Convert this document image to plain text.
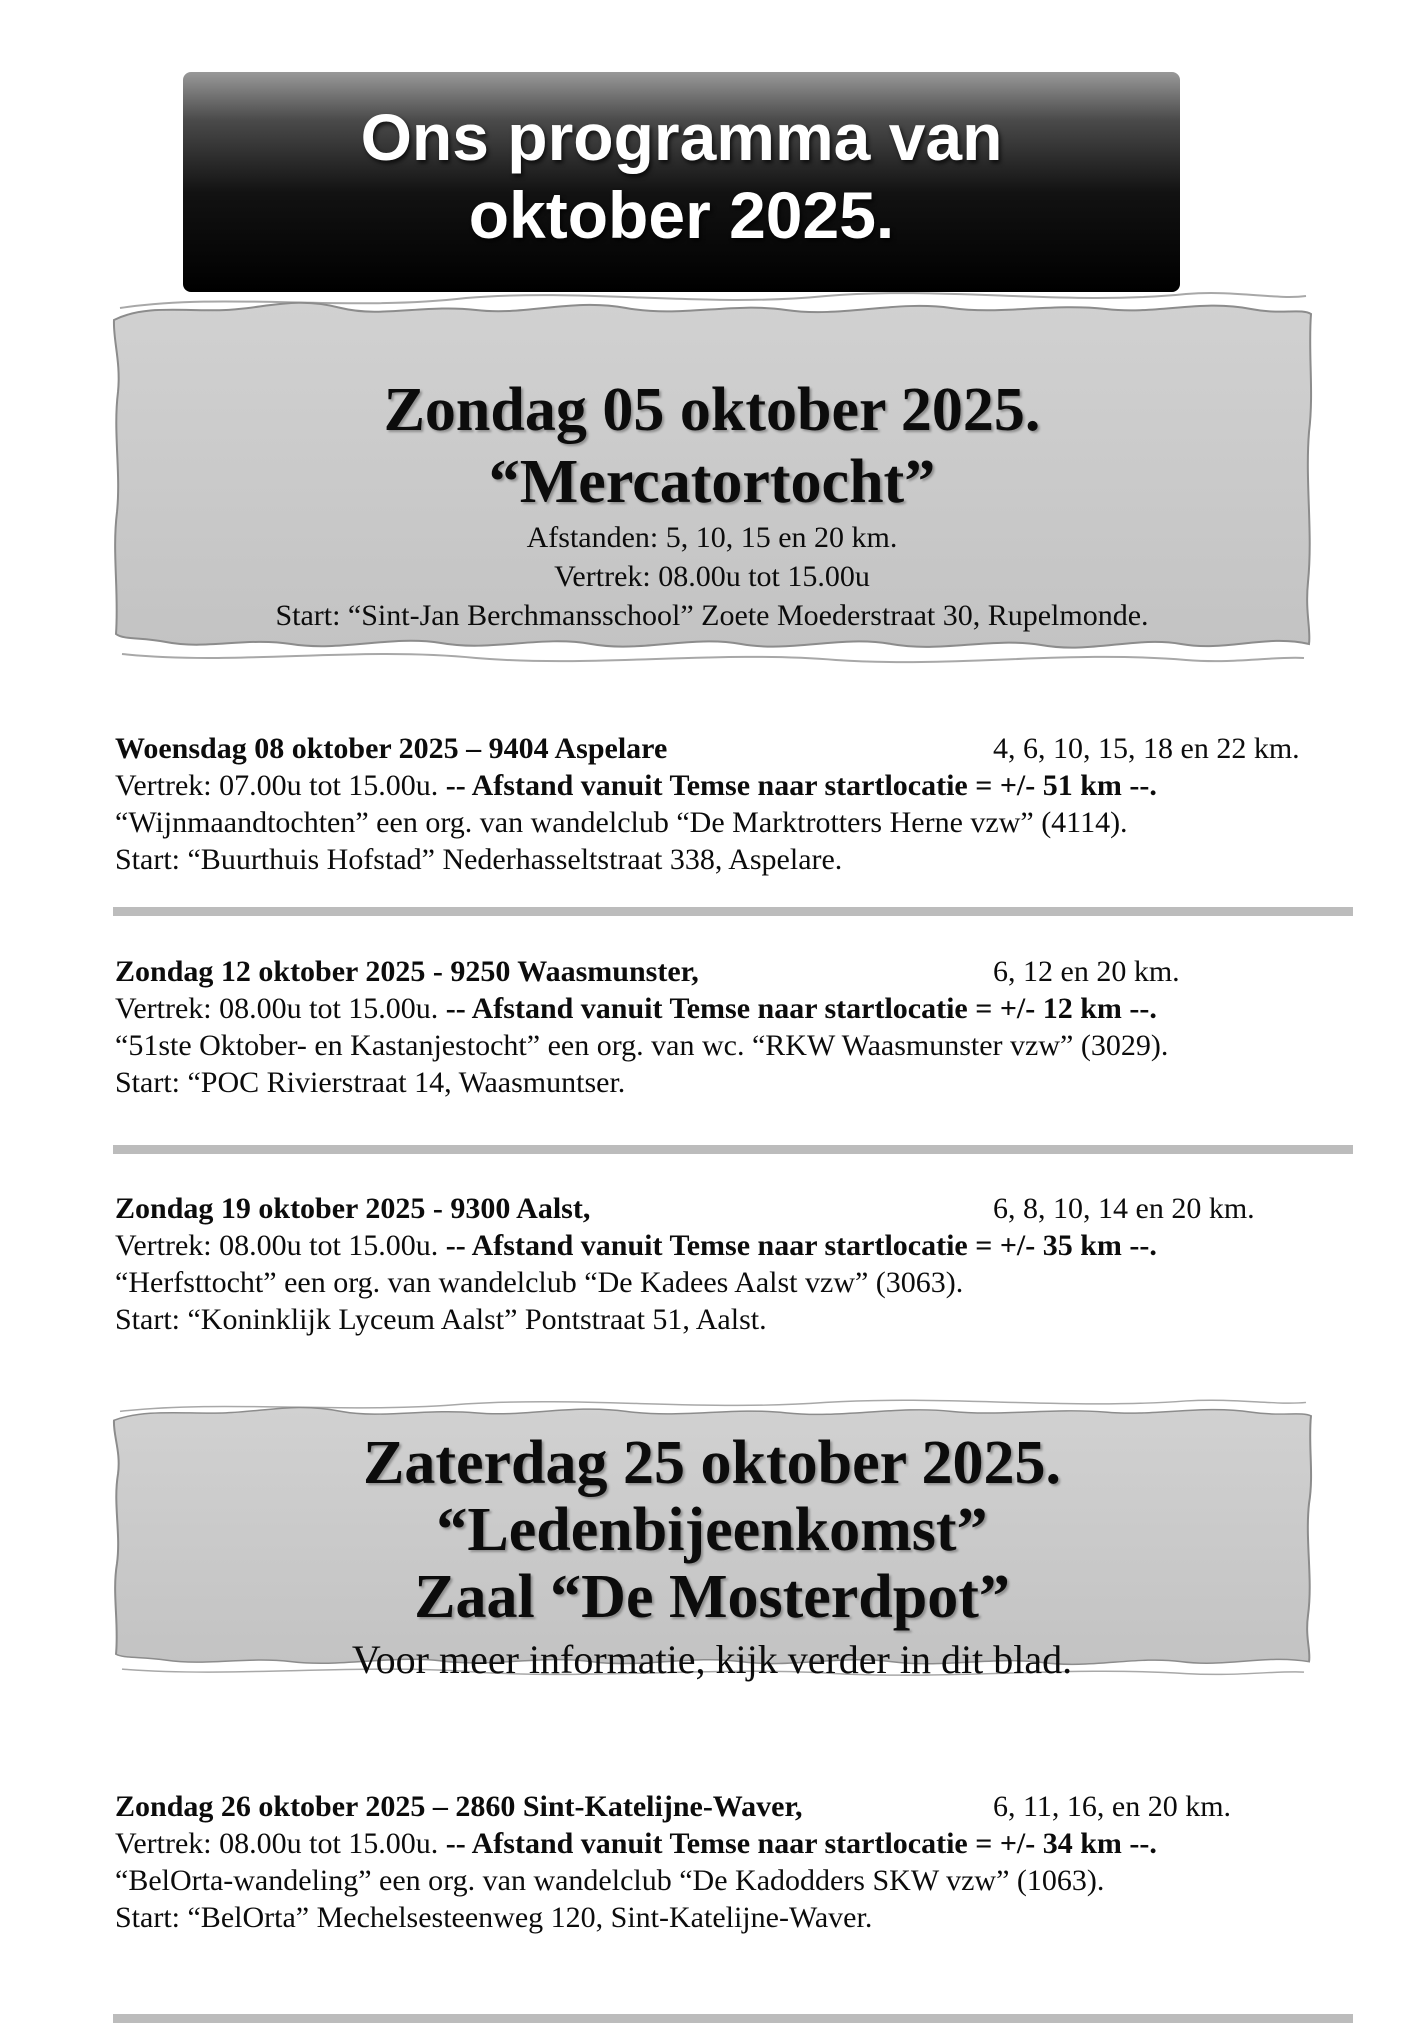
Ons programma van
oktober 2025.
Zondag 05 oktober 2025.
“Mercatortocht”
Afstanden: 5, 10, 15 en 20 km.
Vertrek: 08.00u tot 15.00u
Start: “Sint-Jan Berchmansschool” Zoete Moederstraat 30, Rupelmonde.
Woensdag 08 oktober 2025 – 9404 Aspelare	4, 6, 10, 15, 18 en 22 km.
Vertrek: 07.00u tot 15.00u. -- Afstand vanuit Temse naar startlocatie = +/- 51 km --.
“Wijnmaandtochten” een org. van wandelclub “De Marktrotters Herne vzw” (4114).
Start: “Buurthuis Hofstad” Nederhasseltstraat 338, Aspelare.
Zondag 12 oktober 2025 - 9250 Waasmunster,	6, 12 en 20 km.
Vertrek: 08.00u tot 15.00u. -- Afstand vanuit Temse naar startlocatie = +/- 12 km --.
“51ste Oktober- en Kastanjestocht” een org. van wc. “RKW Waasmunster vzw” (3029).
Start: “POC Rivierstraat 14, Waasmuntser.
Zondag 19 oktober 2025 - 9300 Aalst,	6, 8, 10, 14 en 20 km.
Vertrek: 08.00u tot 15.00u. -- Afstand vanuit Temse naar startlocatie = +/- 35 km --.
“Herfsttocht” een org. van wandelclub “De Kadees Aalst vzw” (3063).
Start: “Koninklijk Lyceum Aalst” Pontstraat 51, Aalst.
Zaterdag 25 oktober 2025.
“Ledenbijeenkomst”
Zaal “De Mosterdpot”
Voor meer informatie, kijk verder in dit blad.
Zondag 26 oktober 2025 – 2860 Sint-Katelijne-Waver,	6, 11, 16, en 20 km.
Vertrek: 08.00u tot 15.00u. -- Afstand vanuit Temse naar startlocatie = +/- 34 km --.
“BelOrta-wandeling” een org. van wandelclub “De Kadodders SKW vzw” (1063).
Start: “BelOrta” Mechelsesteenweg 120, Sint-Katelijne-Waver.
